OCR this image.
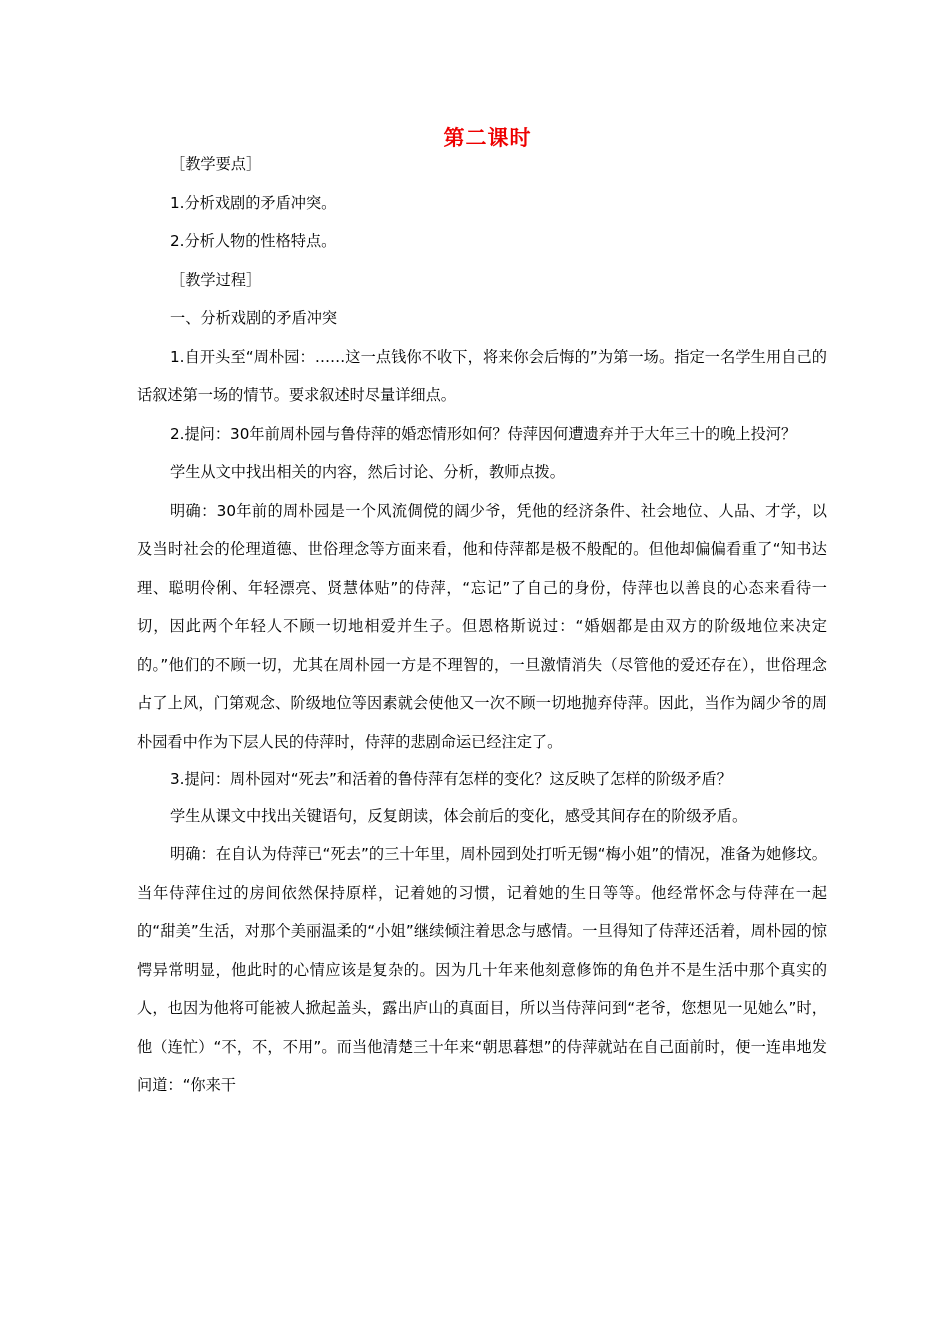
第二课时

［教学要点］

1.分析戏剧的矛盾冲突。

2.分析人物的性格特点。

［教学过程］

一、分析戏剧的矛盾冲突

1.自开头至“周朴园：……这一点钱你不收下，将来你会后悔的”为第一场。指定一名学生用自己的话叙述第一场的情节。要求叙述时尽量详细点。

2.提问：30年前周朴园与鲁侍萍的婚恋情形如何？侍萍因何遭遗弃并于大年三十的晚上投河？

学生从文中找出相关的内容，然后讨论、分析，教师点拨。

明确：30年前的周朴园是一个风流倜傥的阔少爷，凭他的经济条件、社会地位、人品、才学，以及当时社会的伦理道德、世俗理念等方面来看，他和侍萍都是极不般配的。但他却偏偏看重了“知书达理、聪明伶俐、年轻漂亮、贤慧体贴”的侍萍，“忘记”了自己的身份，侍萍也以善良的心态来看待一切，因此两个年轻人不顾一切地相爱并生子。但恩格斯说过：“婚姻都是由双方的阶级地位来决定的。”他们的不顾一切，尤其在周朴园一方是不理智的，一旦激情消失（尽管他的爱还存在），世俗理念占了上风，门第观念、阶级地位等因素就会使他又一次不顾一切地抛弃侍萍。因此，当作为阔少爷的周朴园看中作为下层人民的侍萍时，侍萍的悲剧命运已经注定了。

3.提问：周朴园对“死去”和活着的鲁侍萍有怎样的变化？这反映了怎样的阶级矛盾？

学生从课文中找出关键语句，反复朗读，体会前后的变化，感受其间存在的阶级矛盾。

明确：在自认为侍萍已“死去”的三十年里，周朴园到处打听无锡“梅小姐”的情况，准备为她修坟。当年侍萍住过的房间依然保持原样，记着她的习惯，记着她的生日等等。他经常怀念与侍萍在一起的“甜美”生活，对那个美丽温柔的“小姐”继续倾注着思念与感情。一旦得知了侍萍还活着，周朴园的惊愕异常明显，他此时的心情应该是复杂的。因为几十年来他刻意修饰的角色并不是生活中那个真实的人，也因为他将可能被人掀起盖头，露出庐山的真面目，所以当侍萍问到“老爷，您想见一见她么”时，他（连忙）“不，不，不用”。而当他清楚三十年来“朝思暮想”的侍萍就站在自己面前时，便一连串地发问道：“你来干
